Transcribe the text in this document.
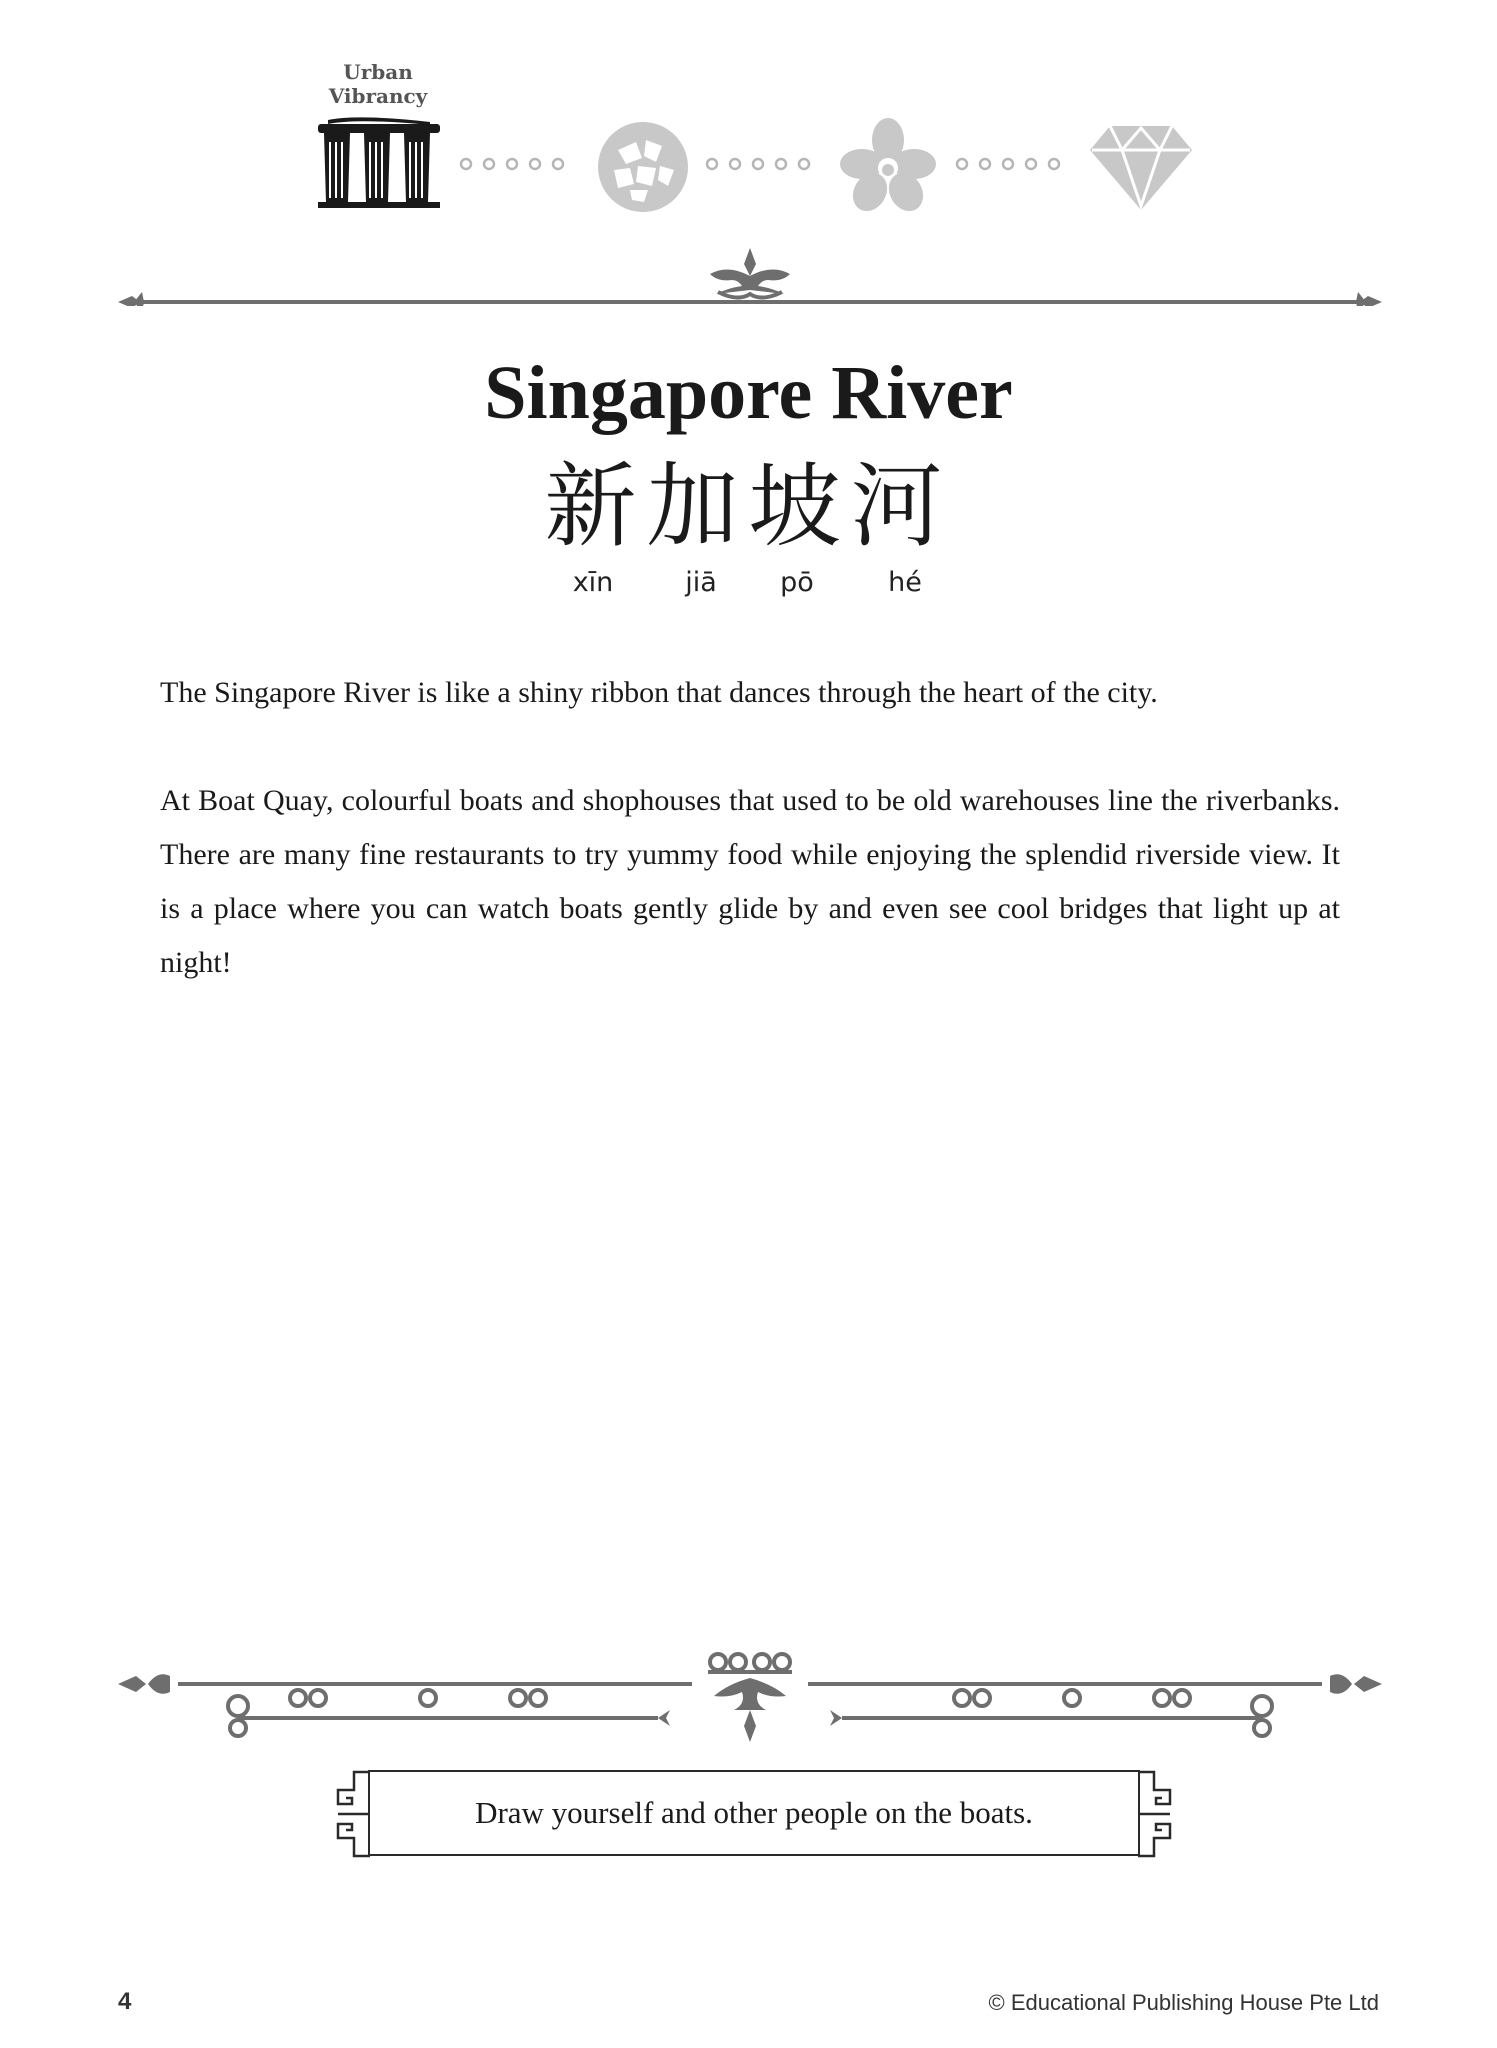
Urban
Vibrancy
Singapore River
新加坡河
xīn	jiā	pō	hé

The Singapore River is like a shiny ribbon that dances through the heart of the city.

At Boat Quay, colourful boats and shophouses that used to be old warehouses line the riverbanks. There are many fine restaurants to try yummy food while enjoying the splendid riverside view. It is a place where you can watch boats gently glide by and even see cool bridges that light up at night!

Draw yourself and other people on the boats.
4	© Educational Publishing House Pte Ltd
